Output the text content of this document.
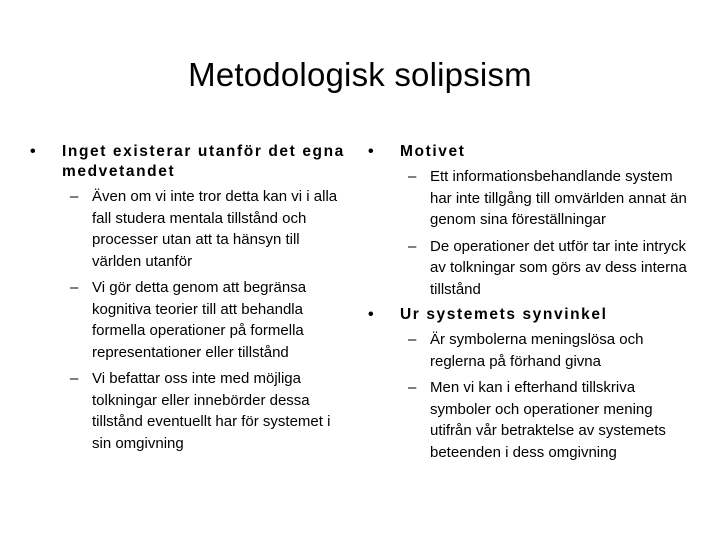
Metodologisk solipsism
• Inget existerar utanför det egna medvetandet
– Även om vi inte tror detta kan vi i alla fall studera mentala tillstånd och processer utan att ta hänsyn till världen utanför
– Vi gör detta genom att begränsa kognitiva teorier till att behandla formella operationer på formella representationer eller tillstånd
– Vi befattar oss inte med möjliga tolkningar eller innebörder dessa tillstånd eventuellt har för systemet i sin omgivning
• Motivet
– Ett informationsbehandlande system har inte tillgång till omvärlden annat än genom sina föreställningar
– De operationer det utför tar inte intryck av tolkningar som görs av dess interna tillstånd
• Ur systemets synvinkel
– Är symbolerna meningslösa och reglerna på förhand givna
– Men vi kan i efterhand tillskriva symboler och operationer mening utifrån vår betraktelse av systemets beteenden i dess omgivning
